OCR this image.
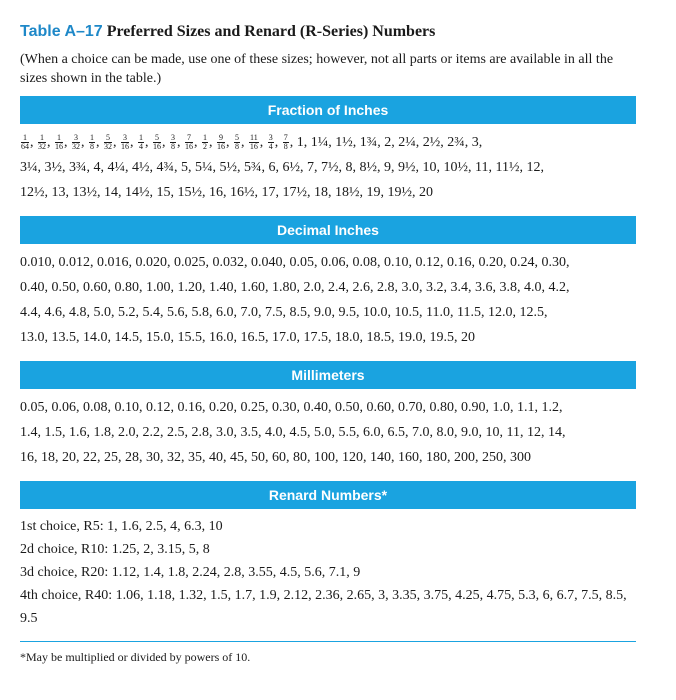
Table A–17 Preferred Sizes and Renard (R-Series) Numbers
(When a choice can be made, use one of these sizes; however, not all parts or items are available in all the sizes shown in the table.)
Fraction of Inches
$\frac{1}{64}$ , $\frac{1}{32}$ , $\frac{1}{16}$ , $\frac{3}{32}$ , $\frac{1}{8}$ , $\frac{5}{32}$ , $\frac{3}{16}$ , $\frac{1}{4}$ , $\frac{5}{16}$ , $\frac{3}{8}$ , $\frac{7}{16}$ , $\frac{1}{2}$ , $\frac{9}{16}$ , $\frac{5}{8}$ , $\frac{11}{16}$ , $\frac{3}{4}$ , $\frac{7}{8}$ , 1, 1¼, 1½, 1¾, 2, 2¼, 2½, 2¾, 3,
3¼, 3½, 3¾, 4, 4¼, 4½, 4¾, 5, 5¼, 5½, 5¾, 6, 6½, 7, 7½, 8, 8½, 9, 9½, 10, 10½, 11, 11½, 12,
12½, 13, 13½, 14, 14½, 15, 15½, 16, 16½, 17, 17½, 18, 18½, 19, 19½, 20
Decimal Inches
0.010, 0.012, 0.016, 0.020, 0.025, 0.032, 0.040, 0.05, 0.06, 0.08, 0.10, 0.12, 0.16, 0.20, 0.24, 0.30,
0.40, 0.50, 0.60, 0.80, 1.00, 1.20, 1.40, 1.60, 1.80, 2.0, 2.4, 2.6, 2.8, 3.0, 3.2, 3.4, 3.6, 3.8, 4.0, 4.2,
4.4, 4.6, 4.8, 5.0, 5.2, 5.4, 5.6, 5.8, 6.0, 7.0, 7.5, 8.5, 9.0, 9.5, 10.0, 10.5, 11.0, 11.5, 12.0, 12.5,
13.0, 13.5, 14.0, 14.5, 15.0, 15.5, 16.0, 16.5, 17.0, 17.5, 18.0, 18.5, 19.0, 19.5, 20
Millimeters
0.05, 0.06, 0.08, 0.10, 0.12, 0.16, 0.20, 0.25, 0.30, 0.40, 0.50, 0.60, 0.70, 0.80, 0.90, 1.0, 1.1, 1.2,
1.4, 1.5, 1.6, 1.8, 2.0, 2.2, 2.5, 2.8, 3.0, 3.5, 4.0, 4.5, 5.0, 5.5, 6.0, 6.5, 7.0, 8.0, 9.0, 10, 11, 12, 14,
16, 18, 20, 22, 25, 28, 30, 32, 35, 40, 45, 50, 60, 80, 100, 120, 140, 160, 180, 200, 250, 300
Renard Numbers*
1st choice, R5: 1, 1.6, 2.5, 4, 6.3, 10
2d choice, R10: 1.25, 2, 3.15, 5, 8
3d choice, R20: 1.12, 1.4, 1.8, 2.24, 2.8, 3.55, 4.5, 5.6, 7.1, 9
4th choice, R40: 1.06, 1.18, 1.32, 1.5, 1.7, 1.9, 2.12, 2.36, 2.65, 3, 3.35, 3.75, 4.25, 4.75, 5.3, 6, 6.7, 7.5, 8.5, 9.5
*May be multiplied or divided by powers of 10.
